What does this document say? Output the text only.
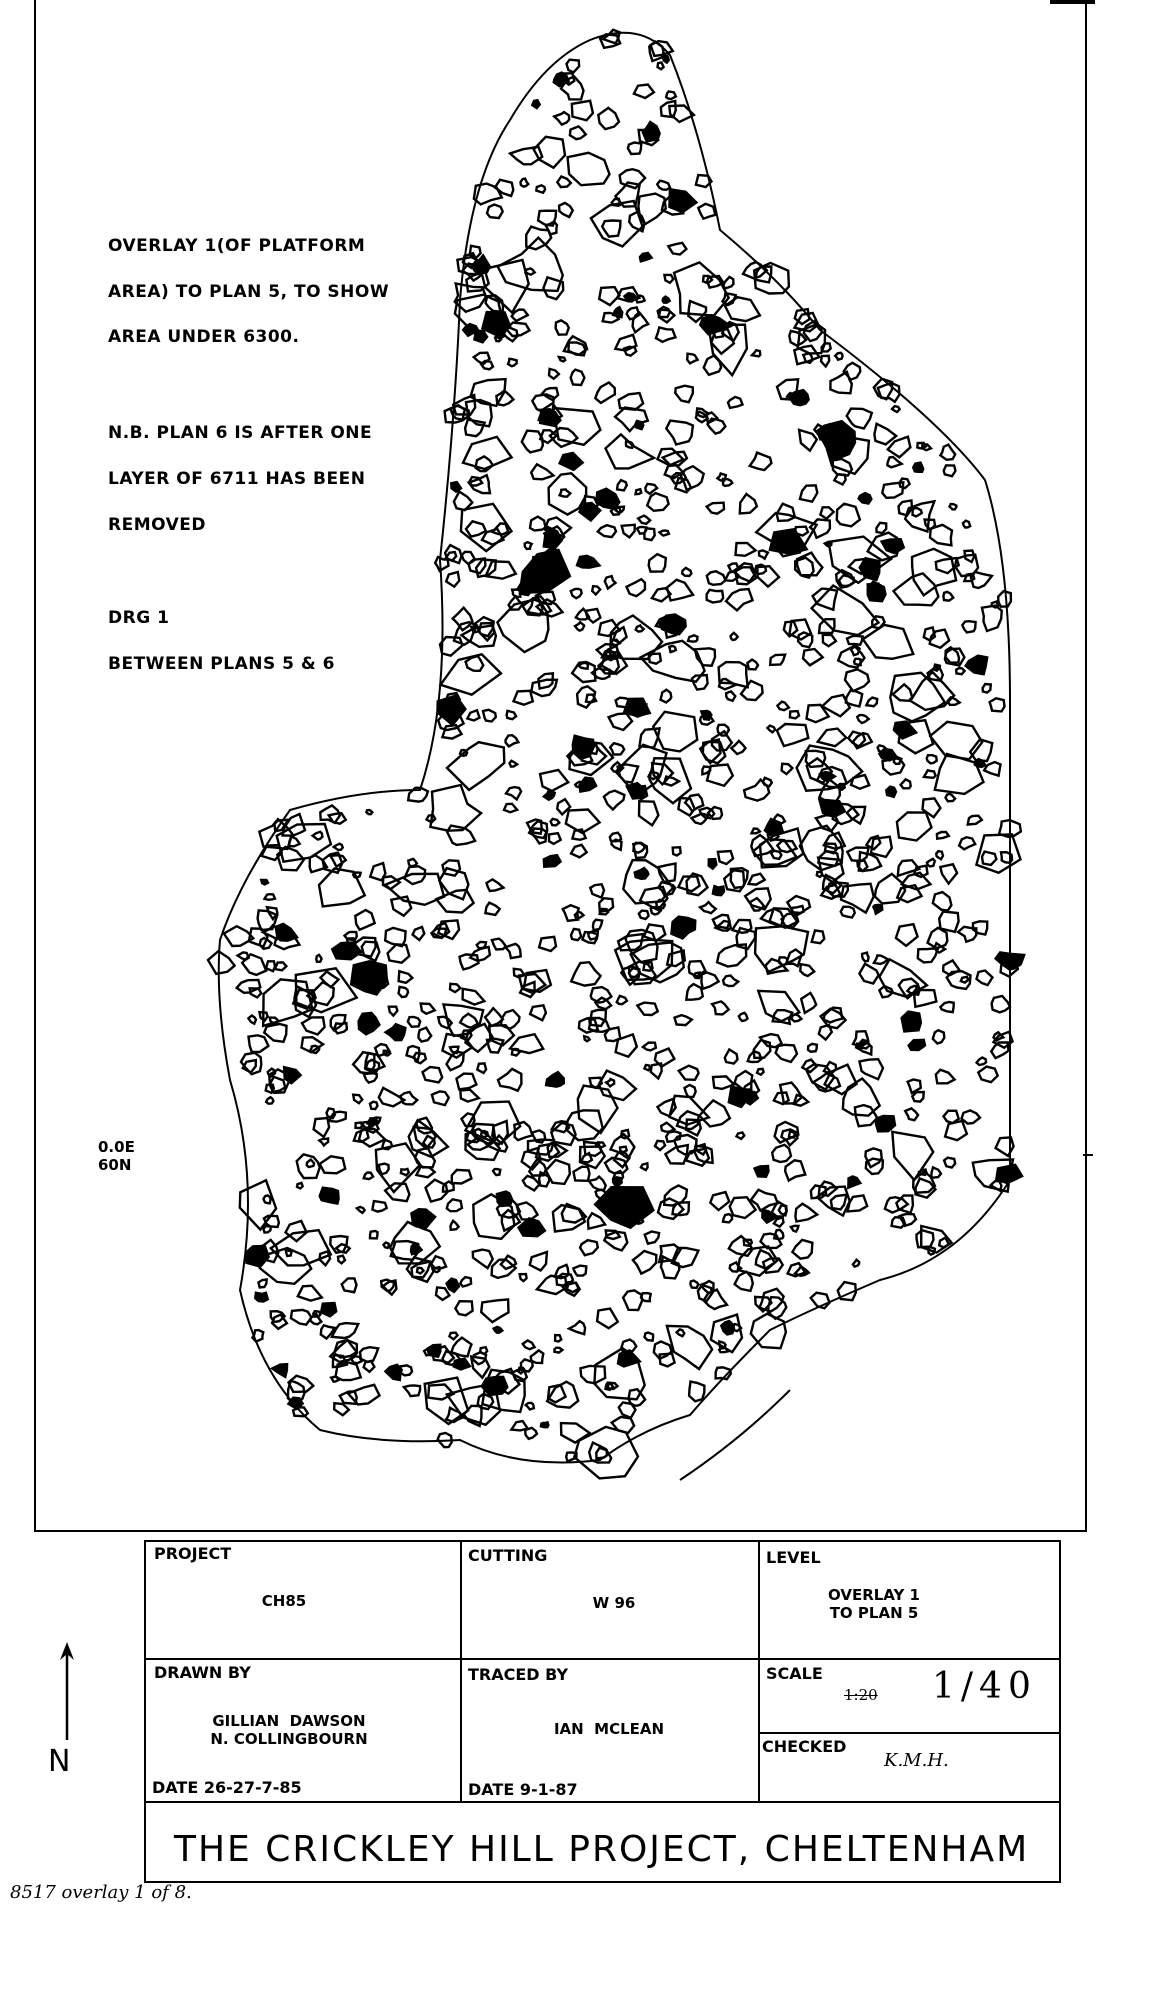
OVERLAY 1(OF PLATFORM
AREA) TO PLAN 5, TO SHOW
AREA UNDER 6300.
N.B. PLAN 6 IS AFTER ONE
LAYER OF 6711 HAS BEEN
REMOVED
DRG 1
BETWEEN PLANS 5 & 6
0.0E
60N
PROJECT
CH85
CUTTING
W 96
LEVEL
OVERLAY 1
TO PLAN 5
DRAWN BY
GILLIAN  DAWSON
N. COLLINGBOURN
DATE 26-27-7-85
TRACED BY
IAN  MCLEAN
DATE 9-1-87
SCALE
1:20 1/40
CHECKED
K.M.H.
THE CRICKLEY HILL PROJECT, CHELTENHAM
N
8517 overlay 1 of 8.
